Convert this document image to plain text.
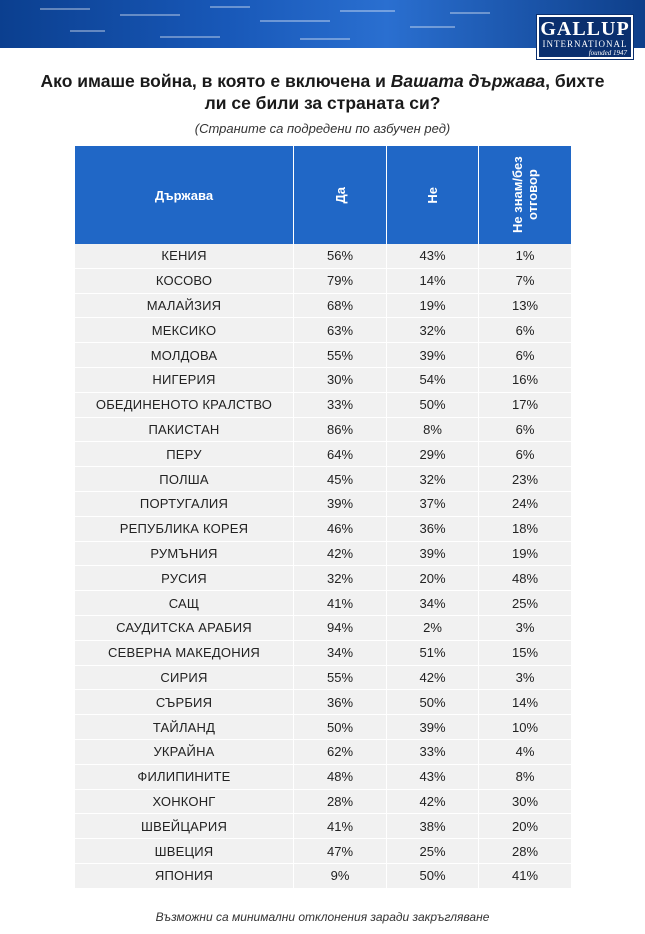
GALLUP
INTERNATIONAL
founded 1947
Ако имаше война, в която е включена и Вашата държава, бихте ли се били за страната си?
(Страните са подредени по азбучен ред)
Държава	Да	Не	Не знам/без отговор
КЕНИЯ	56%	43%	1%
КОСОВО	79%	14%	7%
МАЛАЙЗИЯ	68%	19%	13%
МЕКСИКО	63%	32%	6%
МОЛДОВА	55%	39%	6%
НИГЕРИЯ	30%	54%	16%
ОБЕДИНЕНОТО КРАЛСТВО	33%	50%	17%
ПАКИСТАН	86%	8%	6%
ПЕРУ	64%	29%	6%
ПОЛША	45%	32%	23%
ПОРТУГАЛИЯ	39%	37%	24%
РЕПУБЛИКА КОРЕЯ	46%	36%	18%
РУМЪНИЯ	42%	39%	19%
РУСИЯ	32%	20%	48%
САЩ	41%	34%	25%
САУДИТСКА АРАБИЯ	94%	2%	3%
СЕВЕРНА МАКЕДОНИЯ	34%	51%	15%
СИРИЯ	55%	42%	3%
СЪРБИЯ	36%	50%	14%
ТАЙЛАНД	50%	39%	10%
УКРАЙНА	62%	33%	4%
ФИЛИПИНИТЕ	48%	43%	8%
ХОНКОНГ	28%	42%	30%
ШВЕЙЦАРИЯ	41%	38%	20%
ШВЕЦИЯ	47%	25%	28%
ЯПОНИЯ	9%	50%	41%
Възможни са минимални отклонения заради закръгляване
